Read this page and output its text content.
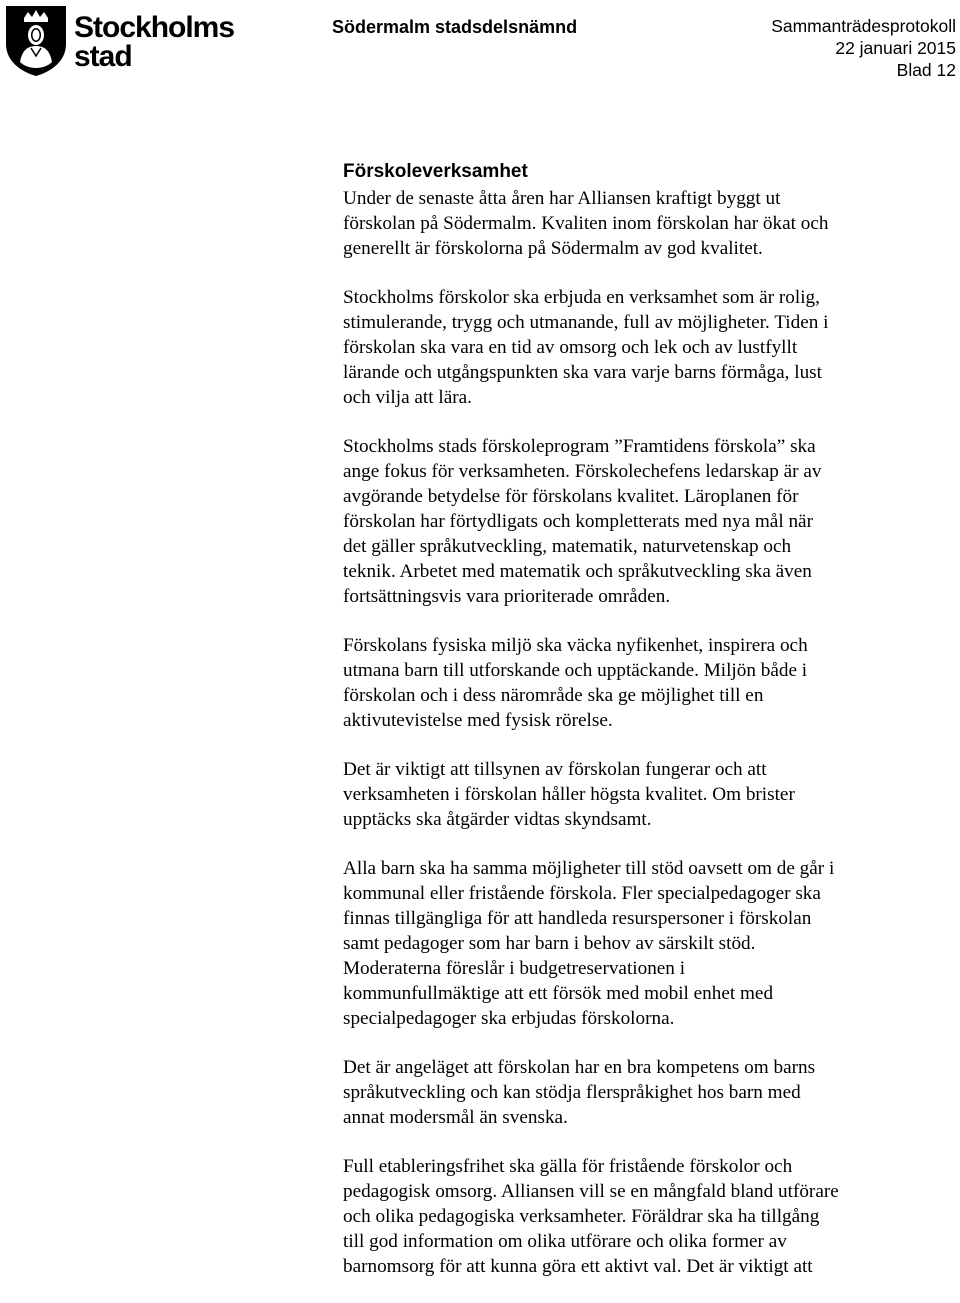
Stockholms
stad
Södermalm stadsdelsnämnd	Sammanträdesprotokoll
22 januari 2015
Blad 12
Förskoleverksamhet

Under de senaste åtta åren har Alliansen kraftigt byggt ut
förskolan på Södermalm. Kvaliten inom förskolan har ökat och
generellt är förskolorna på Södermalm av god kvalitet.

Stockholms förskolor ska erbjuda en verksamhet som är rolig,
stimulerande, trygg och utmanande, full av möjligheter. Tiden i
förskolan ska vara en tid av omsorg och lek och av lustfyllt
lärande och utgångspunkten ska vara varje barns förmåga, lust
och vilja att lära.

Stockholms stads förskoleprogram ”Framtidens förskola” ska
ange fokus för verksamheten. Förskolechefens ledarskap är av
avgörande betydelse för förskolans kvalitet. Läroplanen för
förskolan har förtydligats och kompletterats med nya mål när
det gäller språkutveckling, matematik, naturvetenskap och
teknik. Arbetet med matematik och språkutveckling ska även
fortsättningsvis vara prioriterade områden.

Förskolans fysiska miljö ska väcka nyfikenhet, inspirera och
utmana barn till utforskande och upptäckande. Miljön både i
förskolan och i dess närområde ska ge möjlighet till en
aktivutevistelse med fysisk rörelse.

Det är viktigt att tillsynen av förskolan fungerar och att
verksamheten i förskolan håller högsta kvalitet. Om brister
upptäcks ska åtgärder vidtas skyndsamt.

Alla barn ska ha samma möjligheter till stöd oavsett om de går i
kommunal eller fristående förskola. Fler specialpedagoger ska
finnas tillgängliga för att handleda resurspersoner i förskolan
samt pedagoger som har barn i behov av särskilt stöd.
Moderaterna föreslår i budgetreservationen i
kommunfullmäktige att ett försök med mobil enhet med
specialpedagoger ska erbjudas förskolorna.

Det är angeläget att förskolan har en bra kompetens om barns
språkutveckling och kan stödja flerspråkighet hos barn med
annat modersmål än svenska.

Full etableringsfrihet ska gälla för fristående förskolor och
pedagogisk omsorg. Alliansen vill se en mångfald bland utförare
och olika pedagogiska verksamheter. Föräldrar ska ha tillgång
till god information om olika utförare och olika former av
barnomsorg för att kunna göra ett aktivt val. Det är viktigt att
